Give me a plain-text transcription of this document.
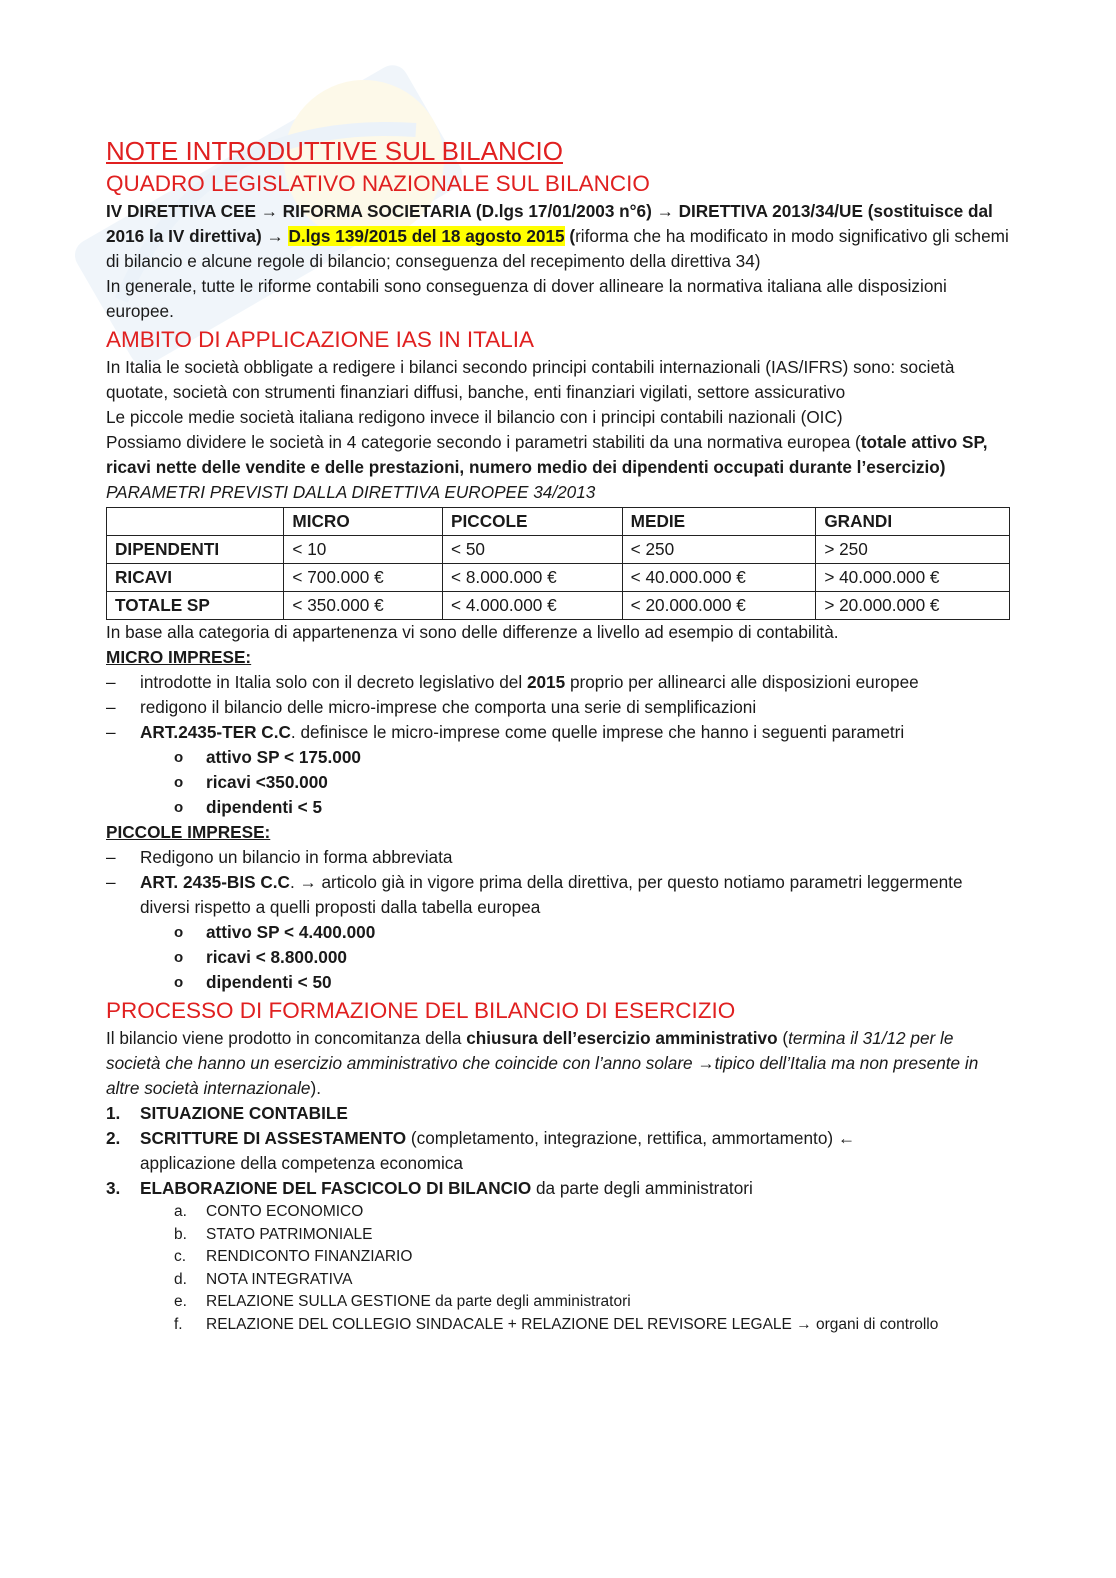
NOTE INTRODUTTIVE SUL BILANCIO
QUADRO LEGISLATIVO NAZIONALE SUL BILANCIO

IV DIRETTIVA CEE → RIFORMA SOCIETARIA (D.lgs 17/01/2003 n°6) → DIRETTIVA 2013/34/UE (sostituisce dal 2016 la IV direttiva) → D.lgs 139/2015 del 18 agosto 2015 (riforma che ha modificato in modo significativo gli schemi di bilancio e alcune regole di bilancio; conseguenza del recepimento della direttiva 34)

In generale, tutte le riforme contabili sono conseguenza di dover allineare la normativa italiana alle disposizioni europee.

AMBITO DI APPLICAZIONE IAS IN ITALIA

In Italia le società obbligate a redigere i bilanci secondo principi contabili internazionali (IAS/IFRS) sono: società quotate, società con strumenti finanziari diffusi, banche, enti finanziari vigilati, settore assicurativo

Le piccole medie società italiana redigono invece il bilancio con i principi contabili nazionali (OIC)

Possiamo dividere le società in 4 categorie secondo i parametri stabiliti da una normativa europea (totale attivo SP, ricavi nette delle vendite e delle prestazioni, numero medio dei dipendenti occupati durante l’esercizio)

PARAMETRI PREVISTI DALLA DIRETTIVA EUROPEE 34/2013

	MICRO	PICCOLE	MEDIE	GRANDI
DIPENDENTI	< 10	< 50	< 250	> 250
RICAVI	< 700.000 €	< 8.000.000 €	< 40.000.000 €	> 40.000.000 €
TOTALE SP	< 350.000 €	< 4.000.000 €	< 20.000.000 €	> 20.000.000 €

In base alla categoria di appartenenza vi sono delle differenze a livello ad esempio di contabilità.

MICRO IMPRESE:

– introdotte in Italia solo con il decreto legislativo del 2015 proprio per allinearci alle disposizioni europee
– redigono il bilancio delle micro-imprese che comporta una serie di semplificazioni
– ART.2435-TER C.C. definisce le micro-imprese come quelle imprese che hanno i seguenti parametri
o attivo SP < 175.000
o ricavi <350.000
o dipendenti < 5

PICCOLE IMPRESE:

– Redigono un bilancio in forma abbreviata
– ART. 2435-BIS C.C. → articolo già in vigore prima della direttiva, per questo notiamo parametri leggermente diversi rispetto a quelli proposti dalla tabella europea
o attivo SP < 4.400.000
o ricavi < 8.800.000
o dipendenti < 50
PROCESSO DI FORMAZIONE DEL BILANCIO DI ESERCIZIO

Il bilancio viene prodotto in concomitanza della chiusura dell’esercizio amministrativo (termina il 31/12 per le società che hanno un esercizio amministrativo che coincide con l’anno solare →tipico dell’Italia ma non presente in altre società internazionale).

1. SITUAZIONE CONTABILE
2. SCRITTURE DI ASSESTAMENTO (completamento, integrazione, rettifica, ammortamento) ←
applicazione della competenza economica
3. ELABORAZIONE DEL FASCICOLO DI BILANCIO da parte degli amministratori
a. CONTO ECONOMICO
b. STATO PATRIMONIALE
c. RENDICONTO FINANZIARIO
d. NOTA INTEGRATIVA
e. RELAZIONE SULLA GESTIONE da parte degli amministratori
f. RELAZIONE DEL COLLEGIO SINDACALE + RELAZIONE DEL REVISORE LEGALE → organi di controllo
